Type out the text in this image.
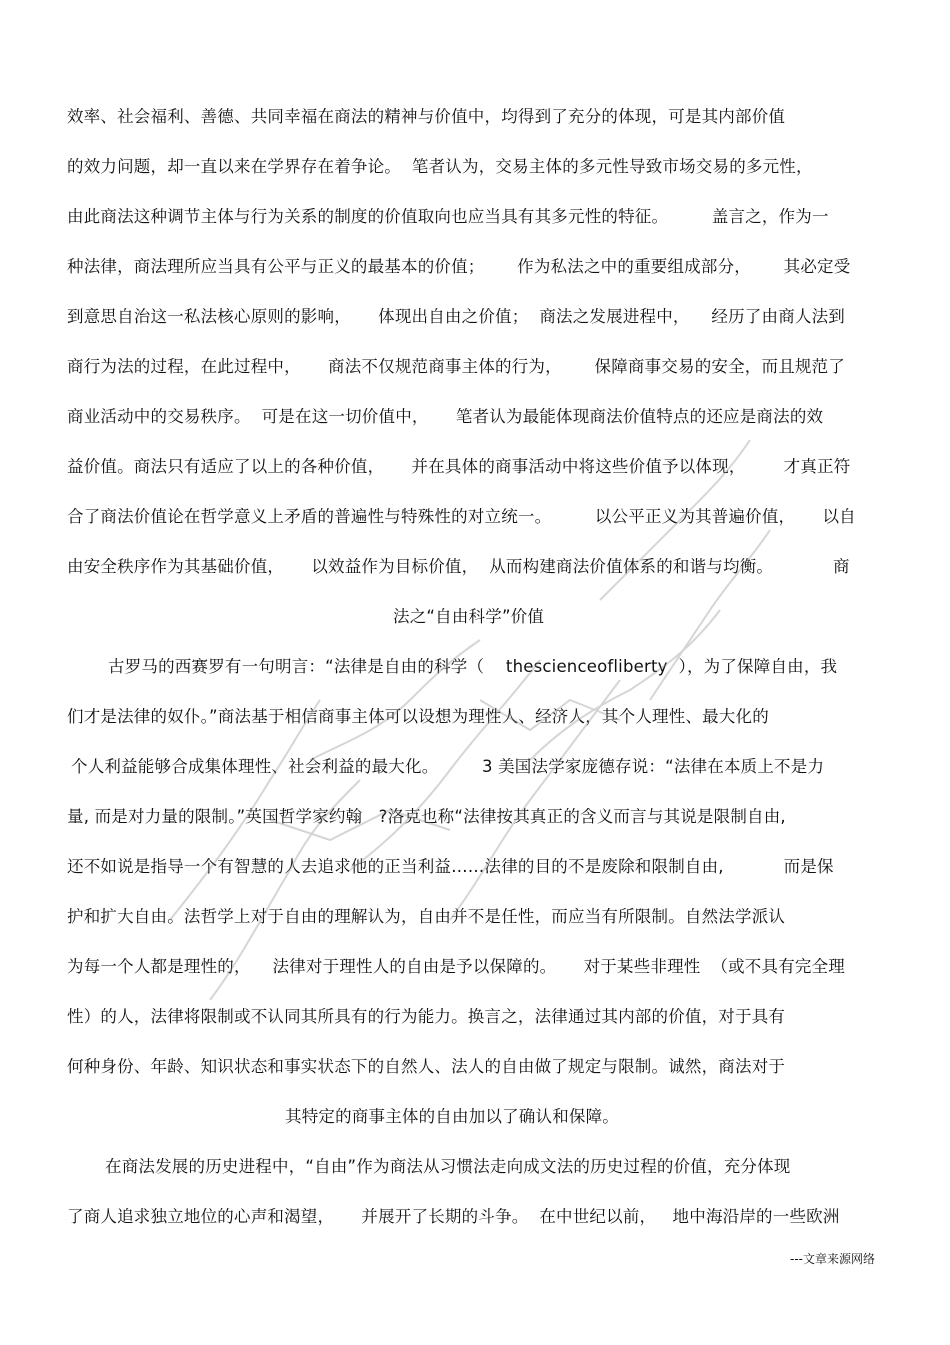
效率、社会福利、善德、共同幸福在商法的精神与价值中，均得到了充分的体现，可是其内部价值
的效力问题，却一直以来在学界存在着争论。  笔者认为，交易主体的多元性导致市场交易的多元性，
由此商法这种调节主体与行为关系的制度的价值取向也应当具有其多元性的特征。        盖言之，作为一
种法律，商法理所应当具有公平与正义的最基本的价值；      作为私法之中的重要组成部分，      其必定受
到意思自治这一私法核心原则的影响，     体现出自由之价值；  商法之发展进程中，    经历了由商人法到
商行为法的过程，在此过程中，     商法不仅规范商事主体的行为，      保障商事交易的安全，而且规范了
商业活动中的交易秩序。  可是在这一切价值中，     笔者认为最能体现商法价值特点的还应是商法的效
益价值。商法只有适应了以上的各种价值，     并在具体的商事活动中将这些价值予以体现，       才真正符
合了商法价值论在哲学意义上矛盾的普遍性与特殊性的对立统一。        以公平正义为其普遍价值，     以自
由安全秩序作为其基础价值，     以效益作为目标价值，  从而构建商法价值体系的和谐与均衡。           商
法之“自由科学”价值
古罗马的西赛罗有一句明言：“法律是自由的科学（    thescienceofliberty  ），为了保障自由，我
们才是法律的奴仆。”商法基于相信商事主体可以设想为理性人、经济人，其个人理性、最大化的
个人利益能够合成集体理性、社会利益的最大化。        3 美国法学家庞德存说：“法律在本质上不是力
量, 而是对力量的限制。”英国哲学家约翰   ?洛克也称“法律按其真正的含义而言与其说是限制自由,
还不如说是指导一个有智慧的人去追求他的正当利益……法律的目的不是废除和限制自由,           而是保
护和扩大自由。法哲学上对于自由的理解认为，自由并不是任性，而应当有所限制。自然法学派认
为每一个人都是理性的，    法律对于理性人的自由是予以保障的。     对于某些非理性  （或不具有完全理
性）的人，法律将限制或不认同其所具有的行为能力。换言之，法律通过其内部的价值，对于具有
何种身份、年龄、知识状态和事实状态下的自然人、法人的自由做了规定与限制。诚然，商法对于
其特定的商事主体的自由加以了确认和保障。
在商法发展的历史进程中，“自由”作为商法从习惯法走向成文法的历史过程的价值，充分体现
了商人追求独立地位的心声和渴望，     并展开了长期的斗争。  在中世纪以前，   地中海沿岸的一些欧洲
---文章来源网络
